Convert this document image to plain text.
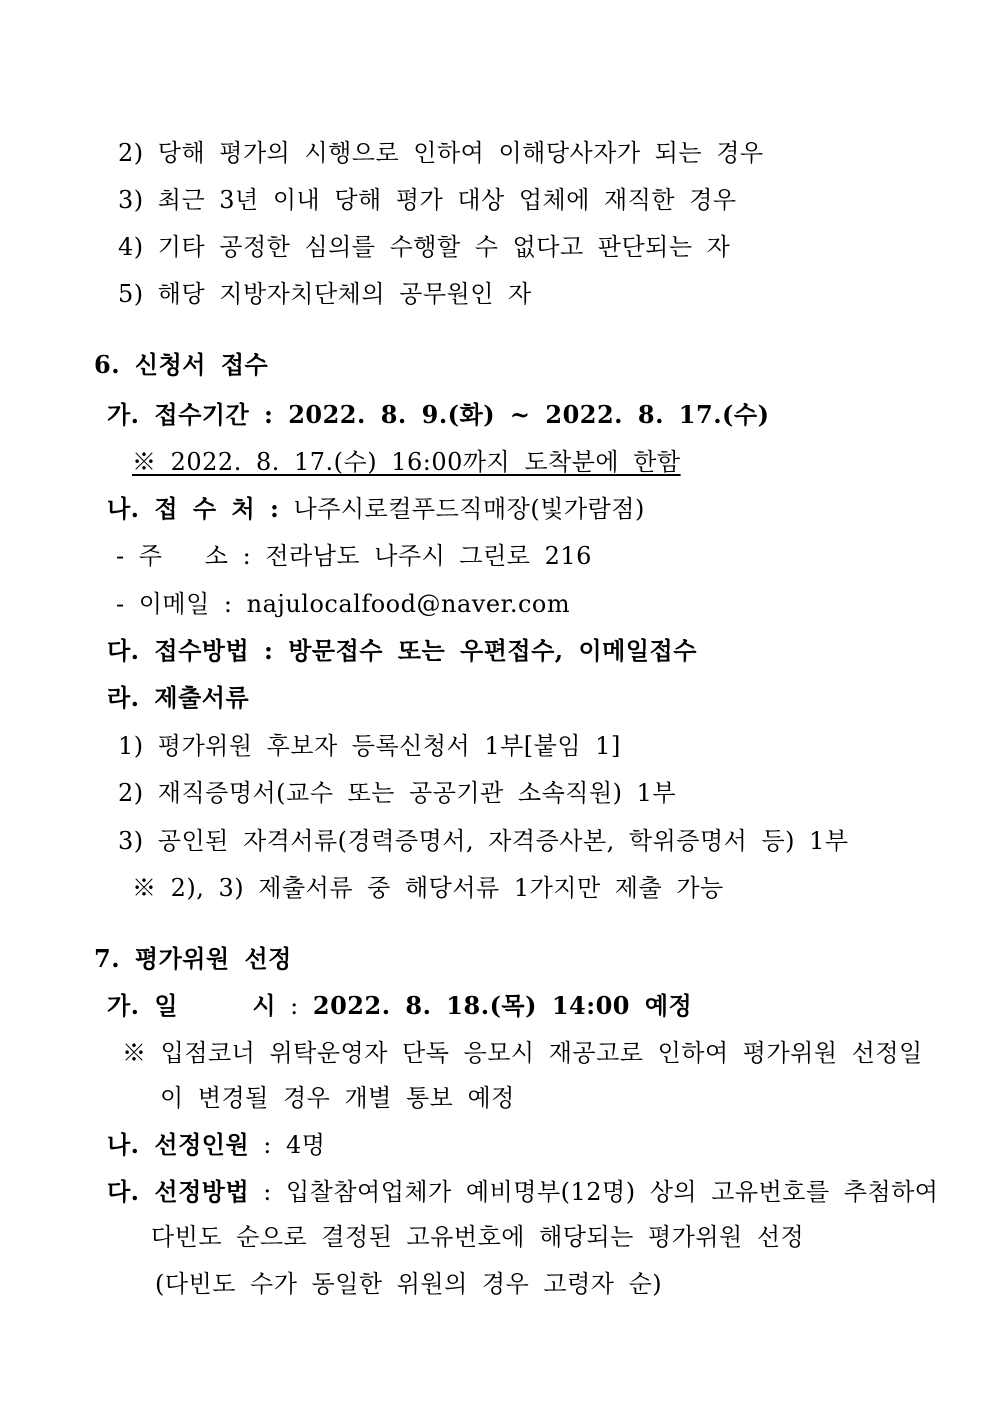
2) 당해 평가의 시행으로 인하여 이해당사자가 되는 경우
3) 최근 3년 이내 당해 평가 대상 업체에 재직한 경우
4) 기타 공정한 심의를 수행할 수 없다고 판단되는 자
5) 해당 지방자치단체의 공무원인 자
6. 신청서 접수
가. 접수기간 : 2022. 8. 9.(화) ~ 2022. 8. 17.(수)
※ 2022. 8. 17.(수) 16:00까지 도착분에 한함
나. 접 수 처 : 나주시로컬푸드직매장(빛가람점)
- 주   소 : 전라남도 나주시 그린로 216
- 이메일 : najulocalfood@naver.com
다. 접수방법 : 방문접수 또는 우편접수, 이메일접수
라. 제출서류
1) 평가위원 후보자 등록신청서 1부[붙임 1]
2) 재직증명서(교수 또는 공공기관 소속직원) 1부
3) 공인된 자격서류(경력증명서, 자격증사본, 학위증명서 등) 1부
※ 2), 3) 제출서류 중 해당서류 1가지만 제출 가능
7. 평가위원 선정
가. 일     시 : 2022. 8. 18.(목) 14:00 예정
※ 입점코너 위탁운영자 단독 응모시 재공고로 인하여 평가위원 선정일
이 변경될 경우 개별 통보 예정
나. 선정인원 : 4명
다. 선정방법 : 입찰참여업체가 예비명부(12명) 상의 고유번호를 추첨하여
다빈도 순으로 결정된 고유번호에 해당되는 평가위원 선정
(다빈도 수가 동일한 위원의 경우 고령자 순)
